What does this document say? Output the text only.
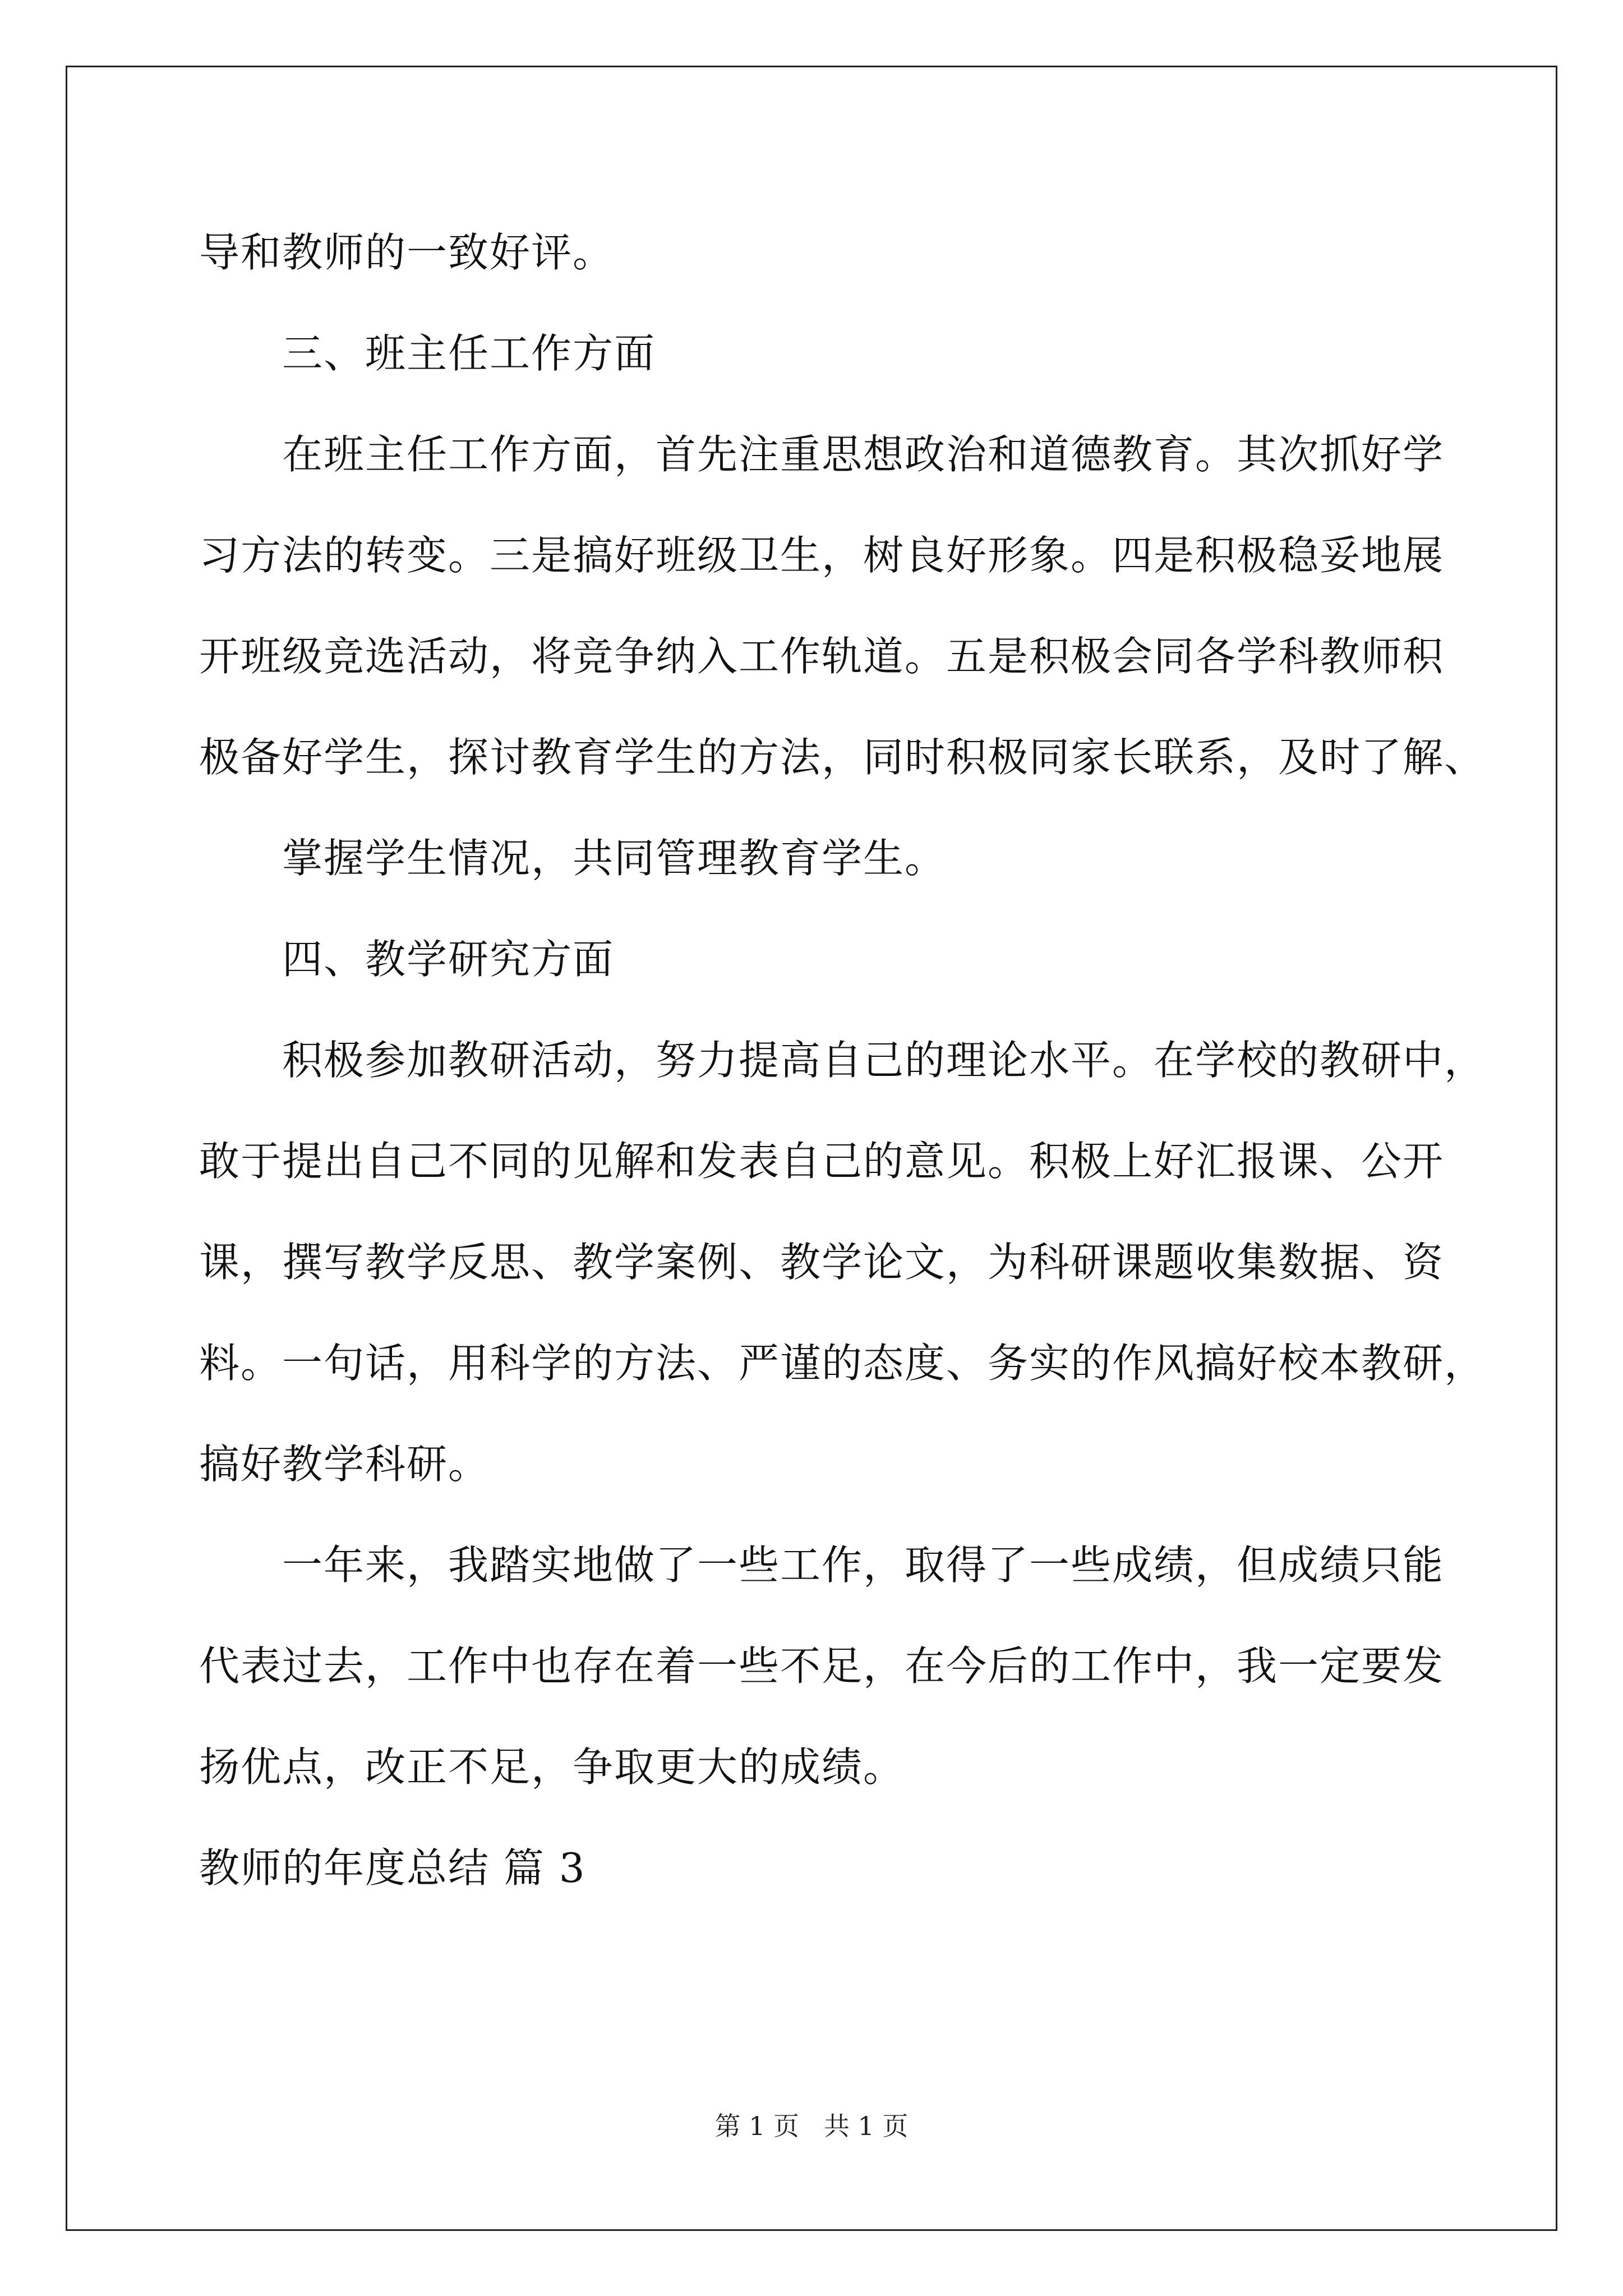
导和教师的一致好评。
三、班主任工作方面
在班主任工作方面，首先注重思想政治和道德教育。其次抓好学
习方法的转变。三是搞好班级卫生，树良好形象。四是积极稳妥地展
开班级竞选活动，将竞争纳入工作轨道。五是积极会同各学科教师积
极备好学生，探讨教育学生的方法，同时积极同家长联系，及时了解、
掌握学生情况，共同管理教育学生。
四、教学研究方面
积极参加教研活动，努力提高自己的理论水平。在学校的教研中，
敢于提出自己不同的见解和发表自己的意见。积极上好汇报课、公开
课，撰写教学反思、教学案例、教学论文，为科研课题收集数据、资
料。一句话，用科学的方法、严谨的态度、务实的作风搞好校本教研，
搞好教学科研。
一年来，我踏实地做了一些工作，取得了一些成绩，但成绩只能
代表过去，工作中也存在着一些不足，在今后的工作中，我一定要发
扬优点，改正不足，争取更大的成绩。
教师的年度总结 篇 3
第 1 页 共 1 页
